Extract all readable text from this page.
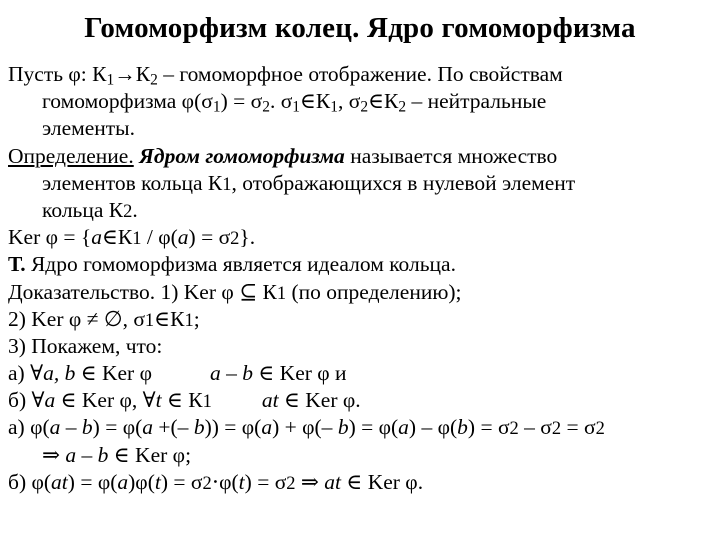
Гомоморфизм колец. Ядро гомоморфизма
Пусть φ: $К_1\to К_2$ – гомоморфное отображение. По свойствам
гомоморфизма $\varphi(\sigma_1) = \sigma_2$. $\sigma_1\in К_1$, $\sigma_2\in К_2$ – нейтральные
элементы.
Определение. Ядром гомоморфизма называется множество
элементов кольца К1, отображающихся в нулевой элемент
кольца К2.
Ker φ = {a∈К1 / φ(a) = σ2}.
Т. Ядро гомоморфизма является идеалом кольца.
Доказательство. 1) Ker φ ⊆ К1 (по определению);
2) Ker φ ≠ ∅, σ1∈К1;
3) Покажем, что:
а) ∀a, b ∈ Ker φ	a – b ∈ Ker φ и
б) ∀a ∈ Ker φ, ∀t ∈ К1 at ∈ Ker φ.
а) φ(a – b) = φ(a +(– b)) = φ(a) + φ(– b) = φ(a) – φ(b) = σ2 – σ2 = σ2
⇒ a – b ∈ Ker φ;
б) φ(at) = φ(a)φ(t) = σ2⋅φ(t) = σ2 ⇒ at ∈ Ker φ.
